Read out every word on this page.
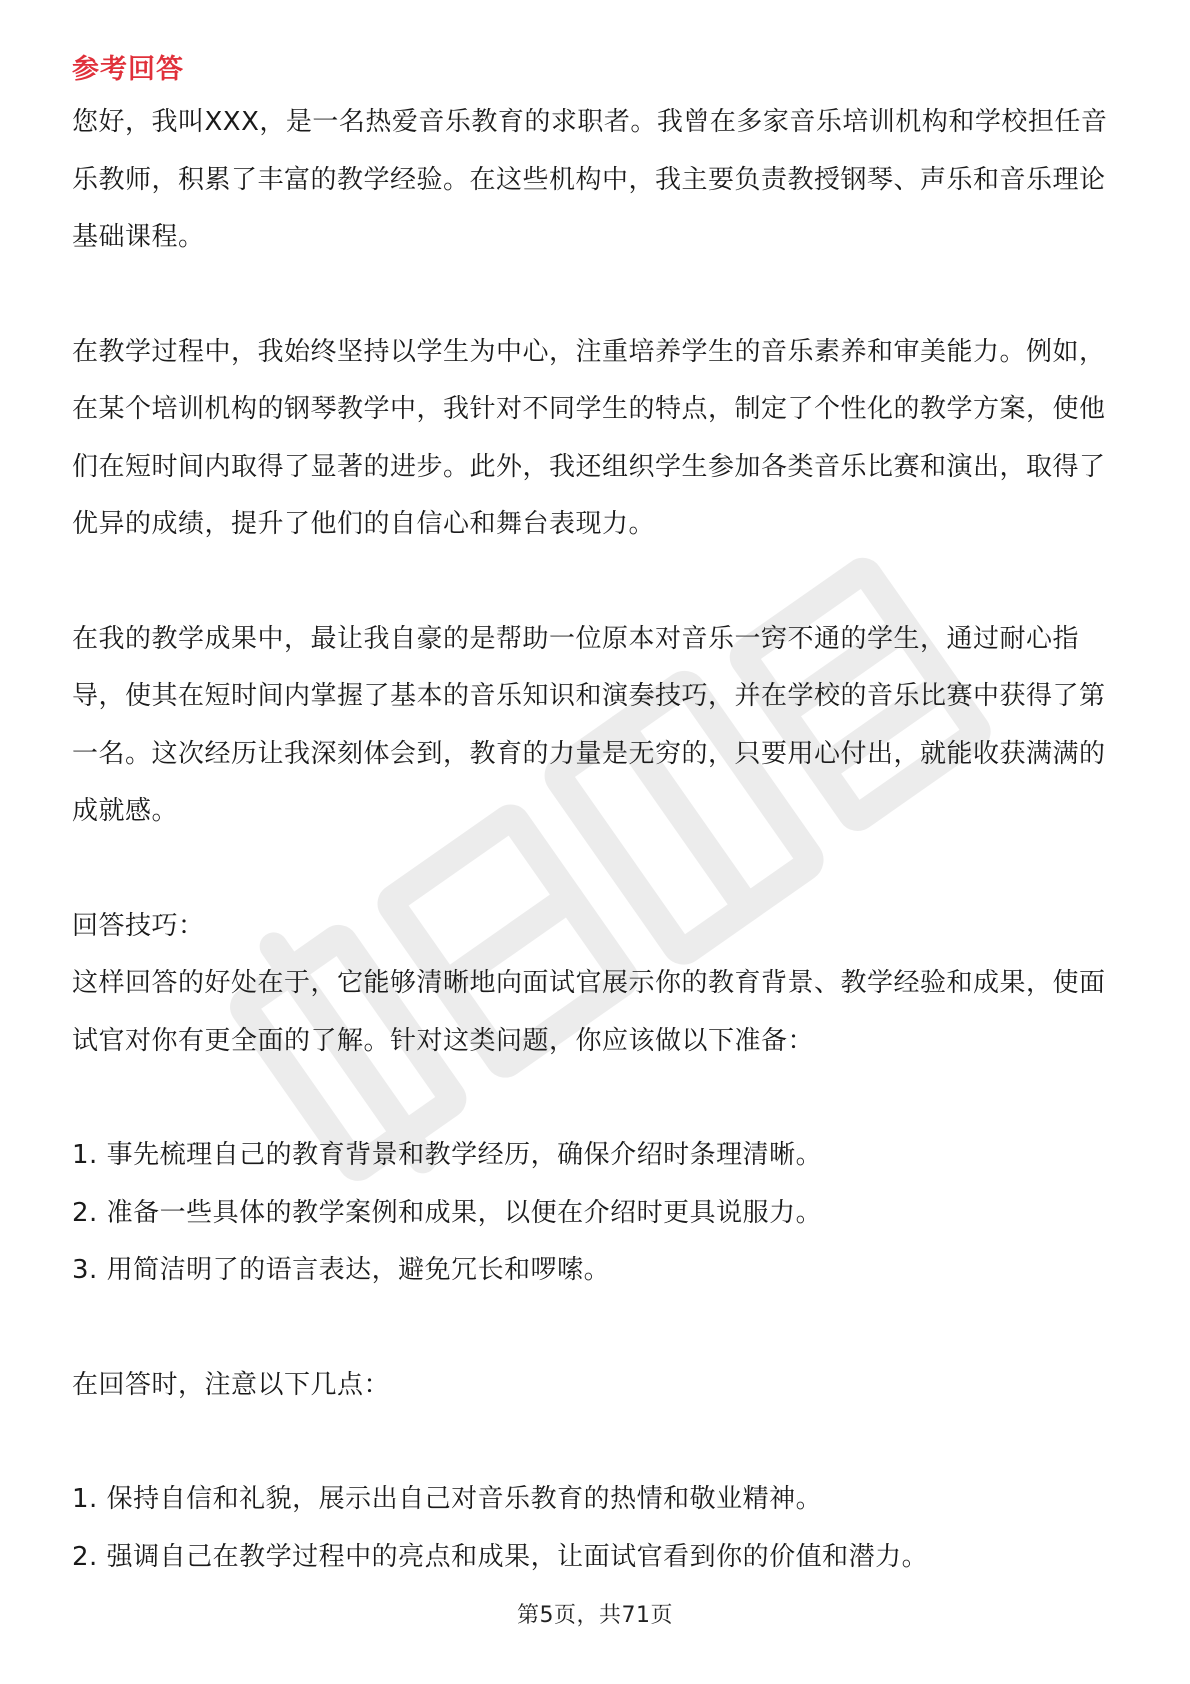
参考回答

您好，我叫XXX，是一名热爱音乐教育的求职者。我曾在多家音乐培训机构和学校担任音乐教师，积累了丰富的教学经验。在这些机构中，我主要负责教授钢琴、声乐和音乐理论基础课程。

在教学过程中，我始终坚持以学生为中心，注重培养学生的音乐素养和审美能力。例如，在某个培训机构的钢琴教学中，我针对不同学生的特点，制定了个性化的教学方案，使他们在短时间内取得了显著的进步。此外，我还组织学生参加各类音乐比赛和演出，取得了优异的成绩，提升了他们的自信心和舞台表现力。

在我的教学成果中，最让我自豪的是帮助一位原本对音乐一窍不通的学生，通过耐心指导，使其在短时间内掌握了基本的音乐知识和演奏技巧，并在学校的音乐比赛中获得了第一名。这次经历让我深刻体会到，教育的力量是无穷的，只要用心付出，就能收获满满的成就感。

回答技巧：

这样回答的好处在于，它能够清晰地向面试官展示你的教育背景、教学经验和成果，使面试官对你有更全面的了解。针对这类问题，你应该做以下准备：

1. 事先梳理自己的教育背景和教学经历，确保介绍时条理清晰。

2. 准备一些具体的教学案例和成果，以便在介绍时更具说服力。

3. 用简洁明了的语言表达，避免冗长和啰嗦。

在回答时，注意以下几点：

1. 保持自信和礼貌，展示出自己对音乐教育的热情和敬业精神。

2. 强调自己在教学过程中的亮点和成果，让面试官看到你的价值和潜力。

第5页，共71页
